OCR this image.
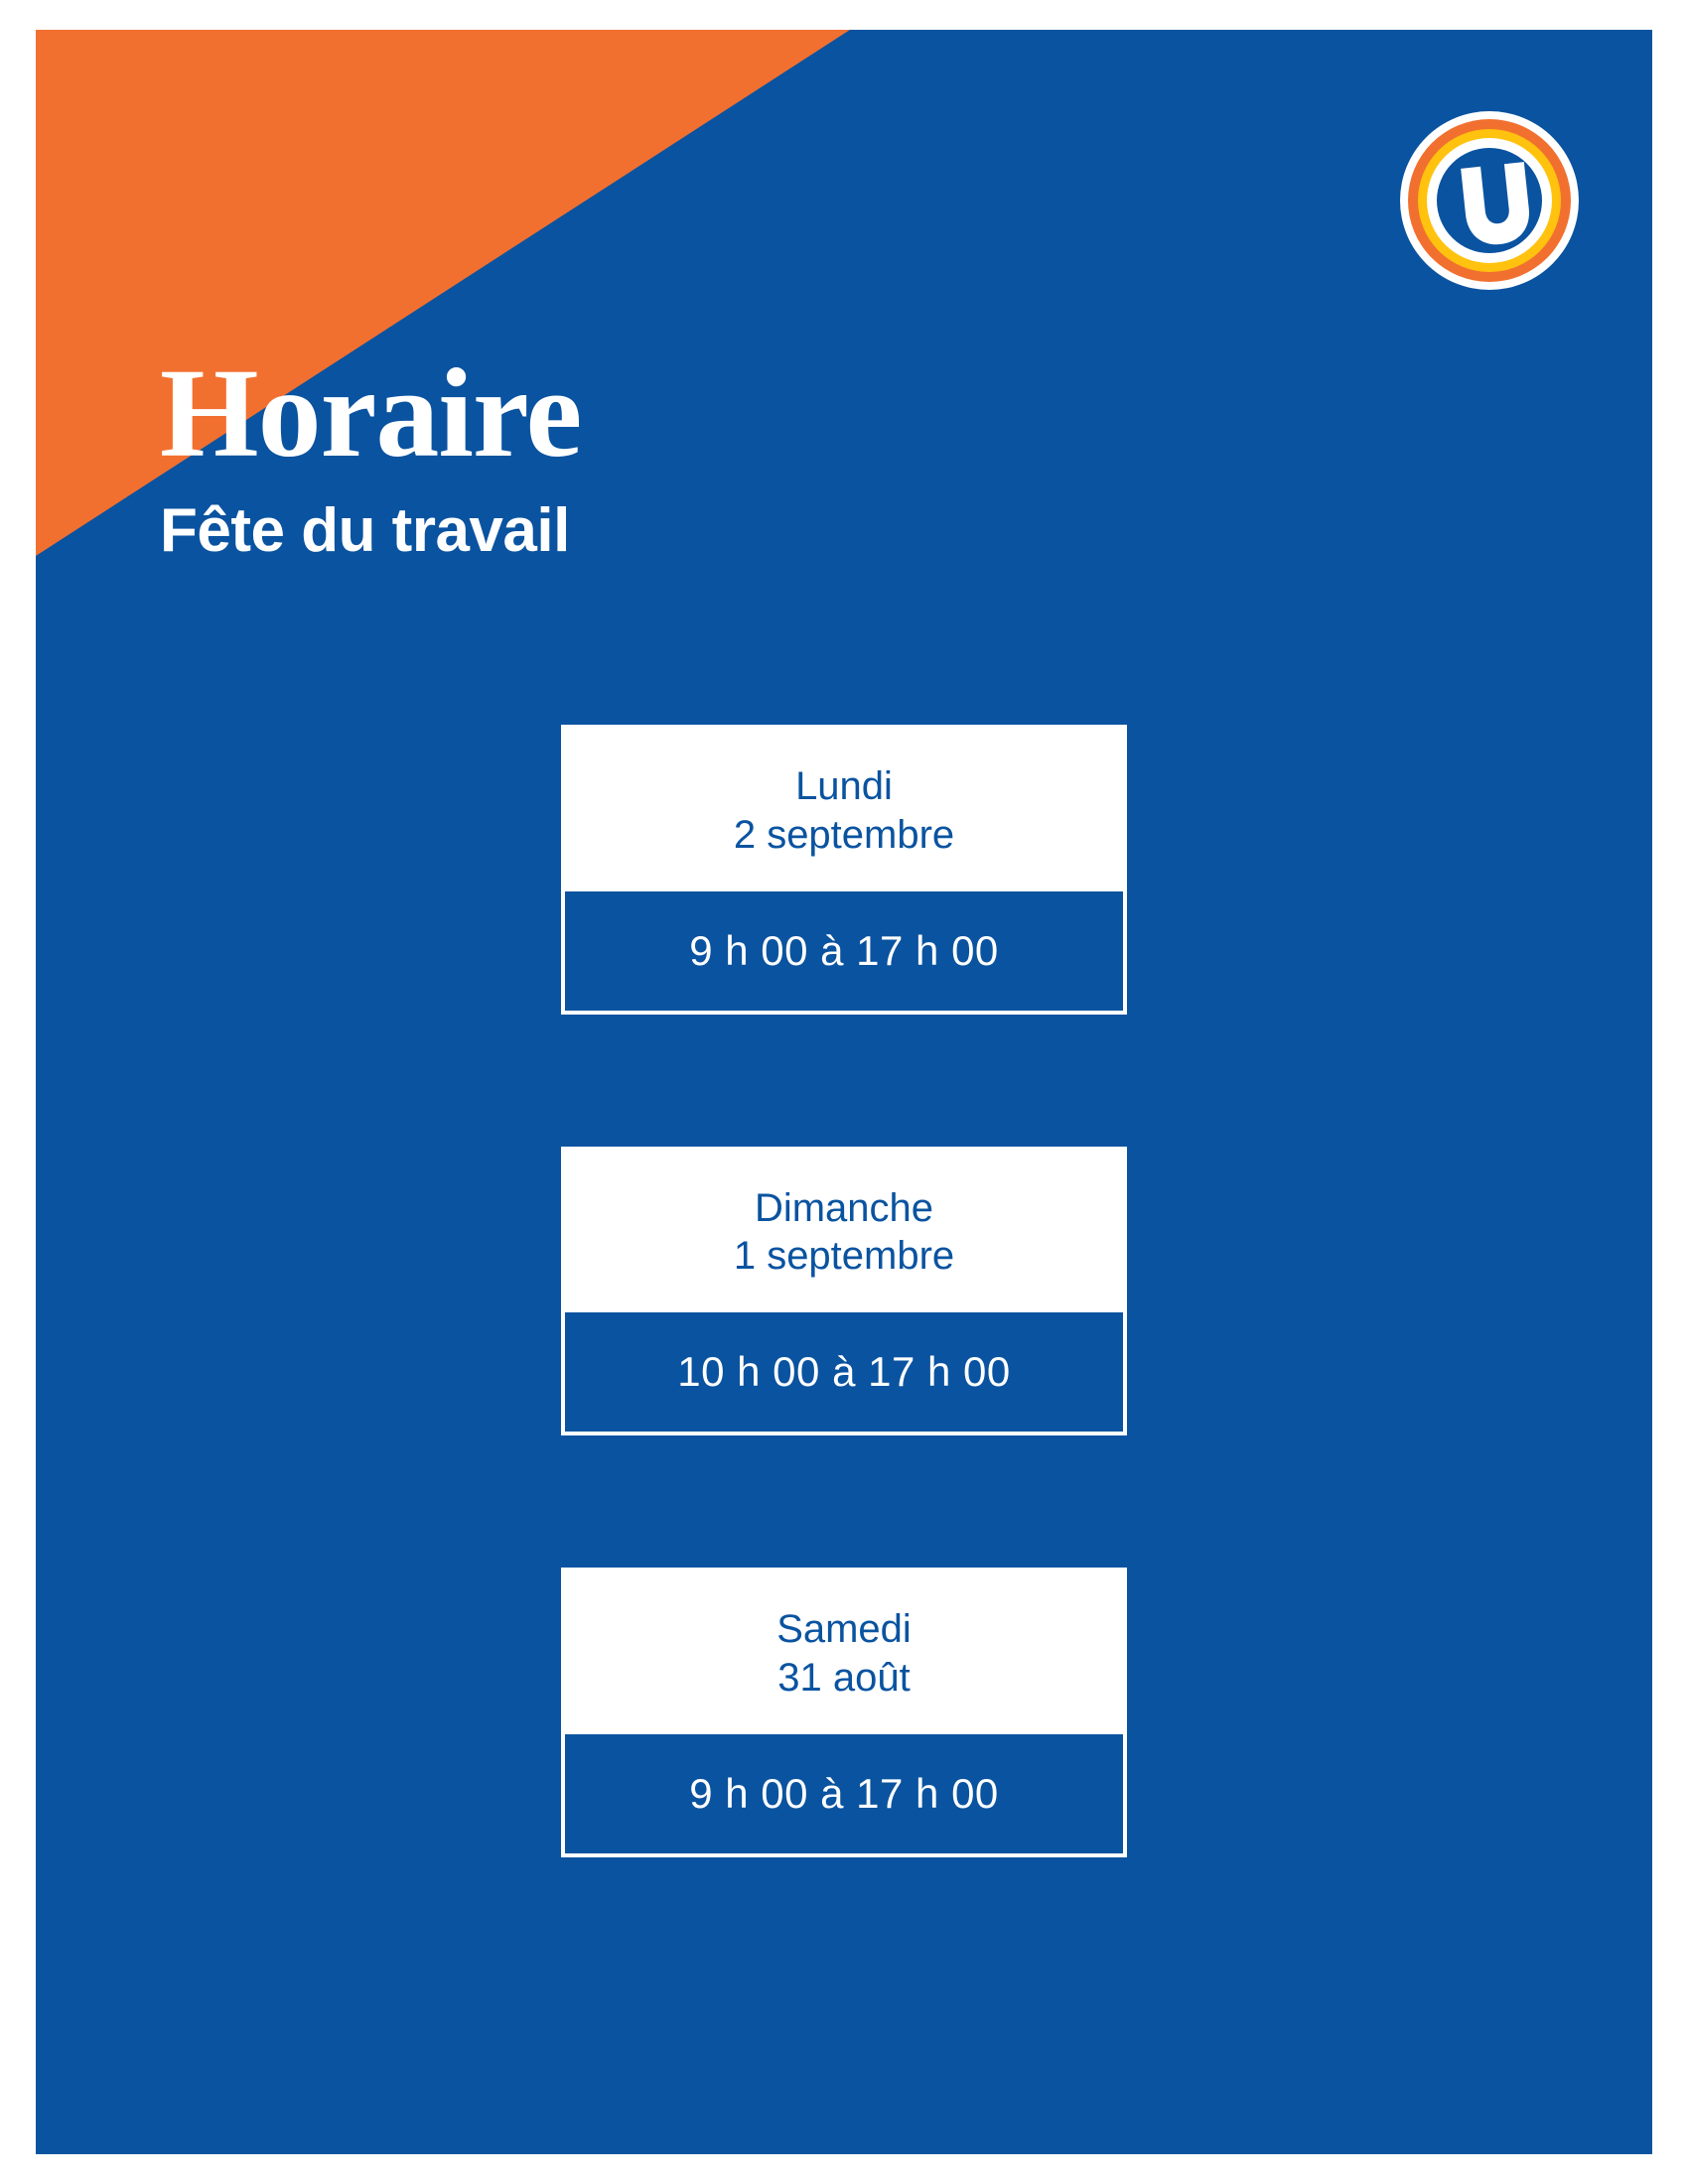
Horaire
Fête du travail
Lundi
2 septembre
9 h 00 à 17 h 00
Dimanche
1 septembre
10 h 00 à 17 h 00
Samedi
31 août
9 h 00 à 17 h 00
